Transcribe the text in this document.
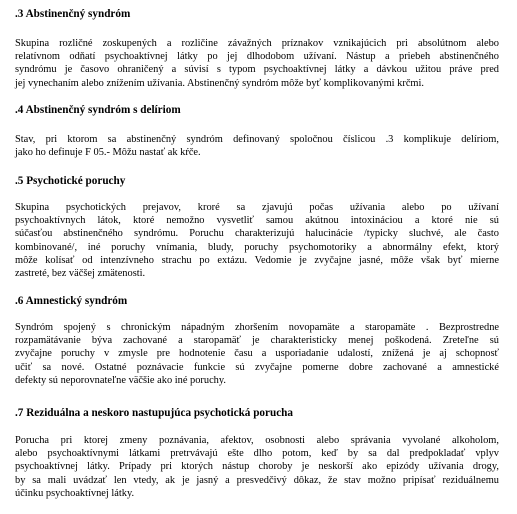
.3 Abstinenčný syndróm
Skupina rozličné zoskupených a rozličine závažných príznakov vznikajúcich pri absolútnom alebo
relatívnom odňatí psychoaktívnej látky po jej dlhodobom užívaní. Nástup a priebeh abstinenčného
syndrómu je časovo ohraničený a súvisí s typom psychoaktívnej látky a dávkou užitou práve pred
jej vynechaním alebo znížením užívania. Abstinenčný syndróm môže byť komplikovanými krčmi.
.4 Abstinenčný syndróm s delíriom
Stav, pri ktorom sa abstinenčný syndróm definovaný spoločnou číslicou .3 komplikuje delíriom,
jako ho definuje F 05.- Môžu nastať ak kŕče.
.5 Psychotické poruchy
Skupina psychotických prejavov, kroré sa zjavujú počas užívania alebo po užívaní
psychoaktívnych látok, ktoré nemožno vysvetliť samou akútnou intoxináciou a ktoré nie sú
súčasťou abstinenčného syndrómu. Poruchu charakterizujú halucinácie /typicky sluchvé, ale často
kombinované/, iné poruchy vnímania, bludy, poruchy psychomotoriky a abnormálny efekt, ktorý
môže kolísať od intenzívneho strachu po extázu. Vedomie je zvyčajne jasné, môže však byť mierne
zastreté, bez väčšej zmätenosti.
.6 Amnestický syndróm
Syndróm spojený s chronickým nápadným zhoršením novopamäte a staropamäte . Bezprostredne
rozpamätávanie býva zachované a staropamäť je charakteristicky menej poškodená. Zreteľne sú
zvyčajne poruchy v zmysle pre hodnotenie času a usporiadanie udalostí, znížená je aj schopnosť
učiť sa nové. Ostatné poznávacie funkcie sú zvyčajne pomerne dobre zachované a amnestické
defekty sú neporovnateľne väčšie ako iné poruchy.
.7 Reziduálna a neskoro nastupujúca psychotická porucha
Porucha pri ktorej zmeny poznávania, afektov, osobnosti alebo správania vyvolané alkoholom,
alebo psychoaktívnymi látkami pretrvávajú ešte dlho potom, keď by sa dal predpokladať vplyv
psychoaktívnej látky. Prípady pri ktorých nástup choroby je neskorší ako epizódy užívania drogy,
by sa mali uvádzať len vtedy, ak je jasný a presvedčivý dôkaz, že stav možno pripísať reziduálnemu
účinku psychoaktívnej látky.
